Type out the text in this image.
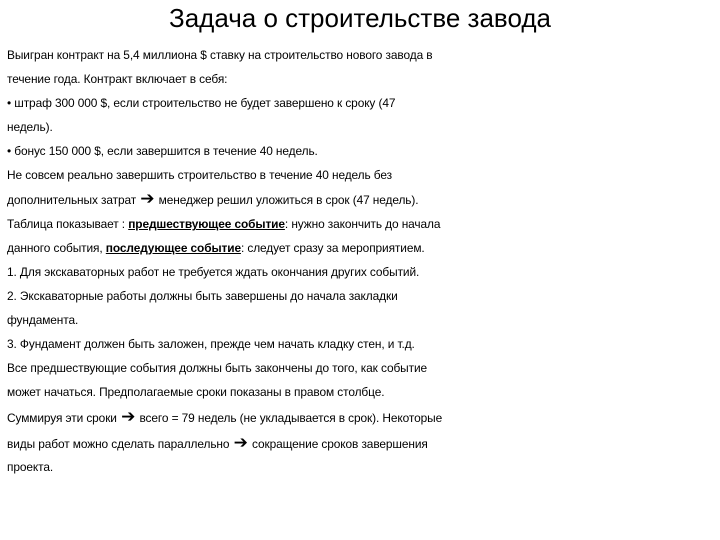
Задача о строительстве завода
Выигран контракт на 5,4 миллиона $ ставку на строительство нового завода в
течение года. Контракт включает в себя:
• штраф 300 000 $, если строительство не будет завершено к сроку (47
недель).
• бонус 150 000 $, если завершится в течение 40 недель.
Не совсем реально завершить строительство в течение 40 недель без
дополнительных затрат ➔ менеджер решил уложиться в срок (47 недель).
Таблица показывает : предшествующее событие: нужно закончить до начала
данного события, последующее событие: следует сразу за мероприятием.
1. Для экскаваторных работ не требуется ждать окончания других событий.
2. Экскаваторные работы должны быть завершены до начала закладки
фундамента.
3. Фундамент должен быть заложен, прежде чем начать кладку стен, и т.д.
Все предшествующие события должны быть закончены до того, как событие
может начаться. Предполагаемые сроки показаны в правом столбце.
Суммируя эти сроки ➔ всего = 79 недель (не укладывается в срок). Некоторые
виды работ можно сделать параллельно ➔ сокращение сроков завершения
проекта.
